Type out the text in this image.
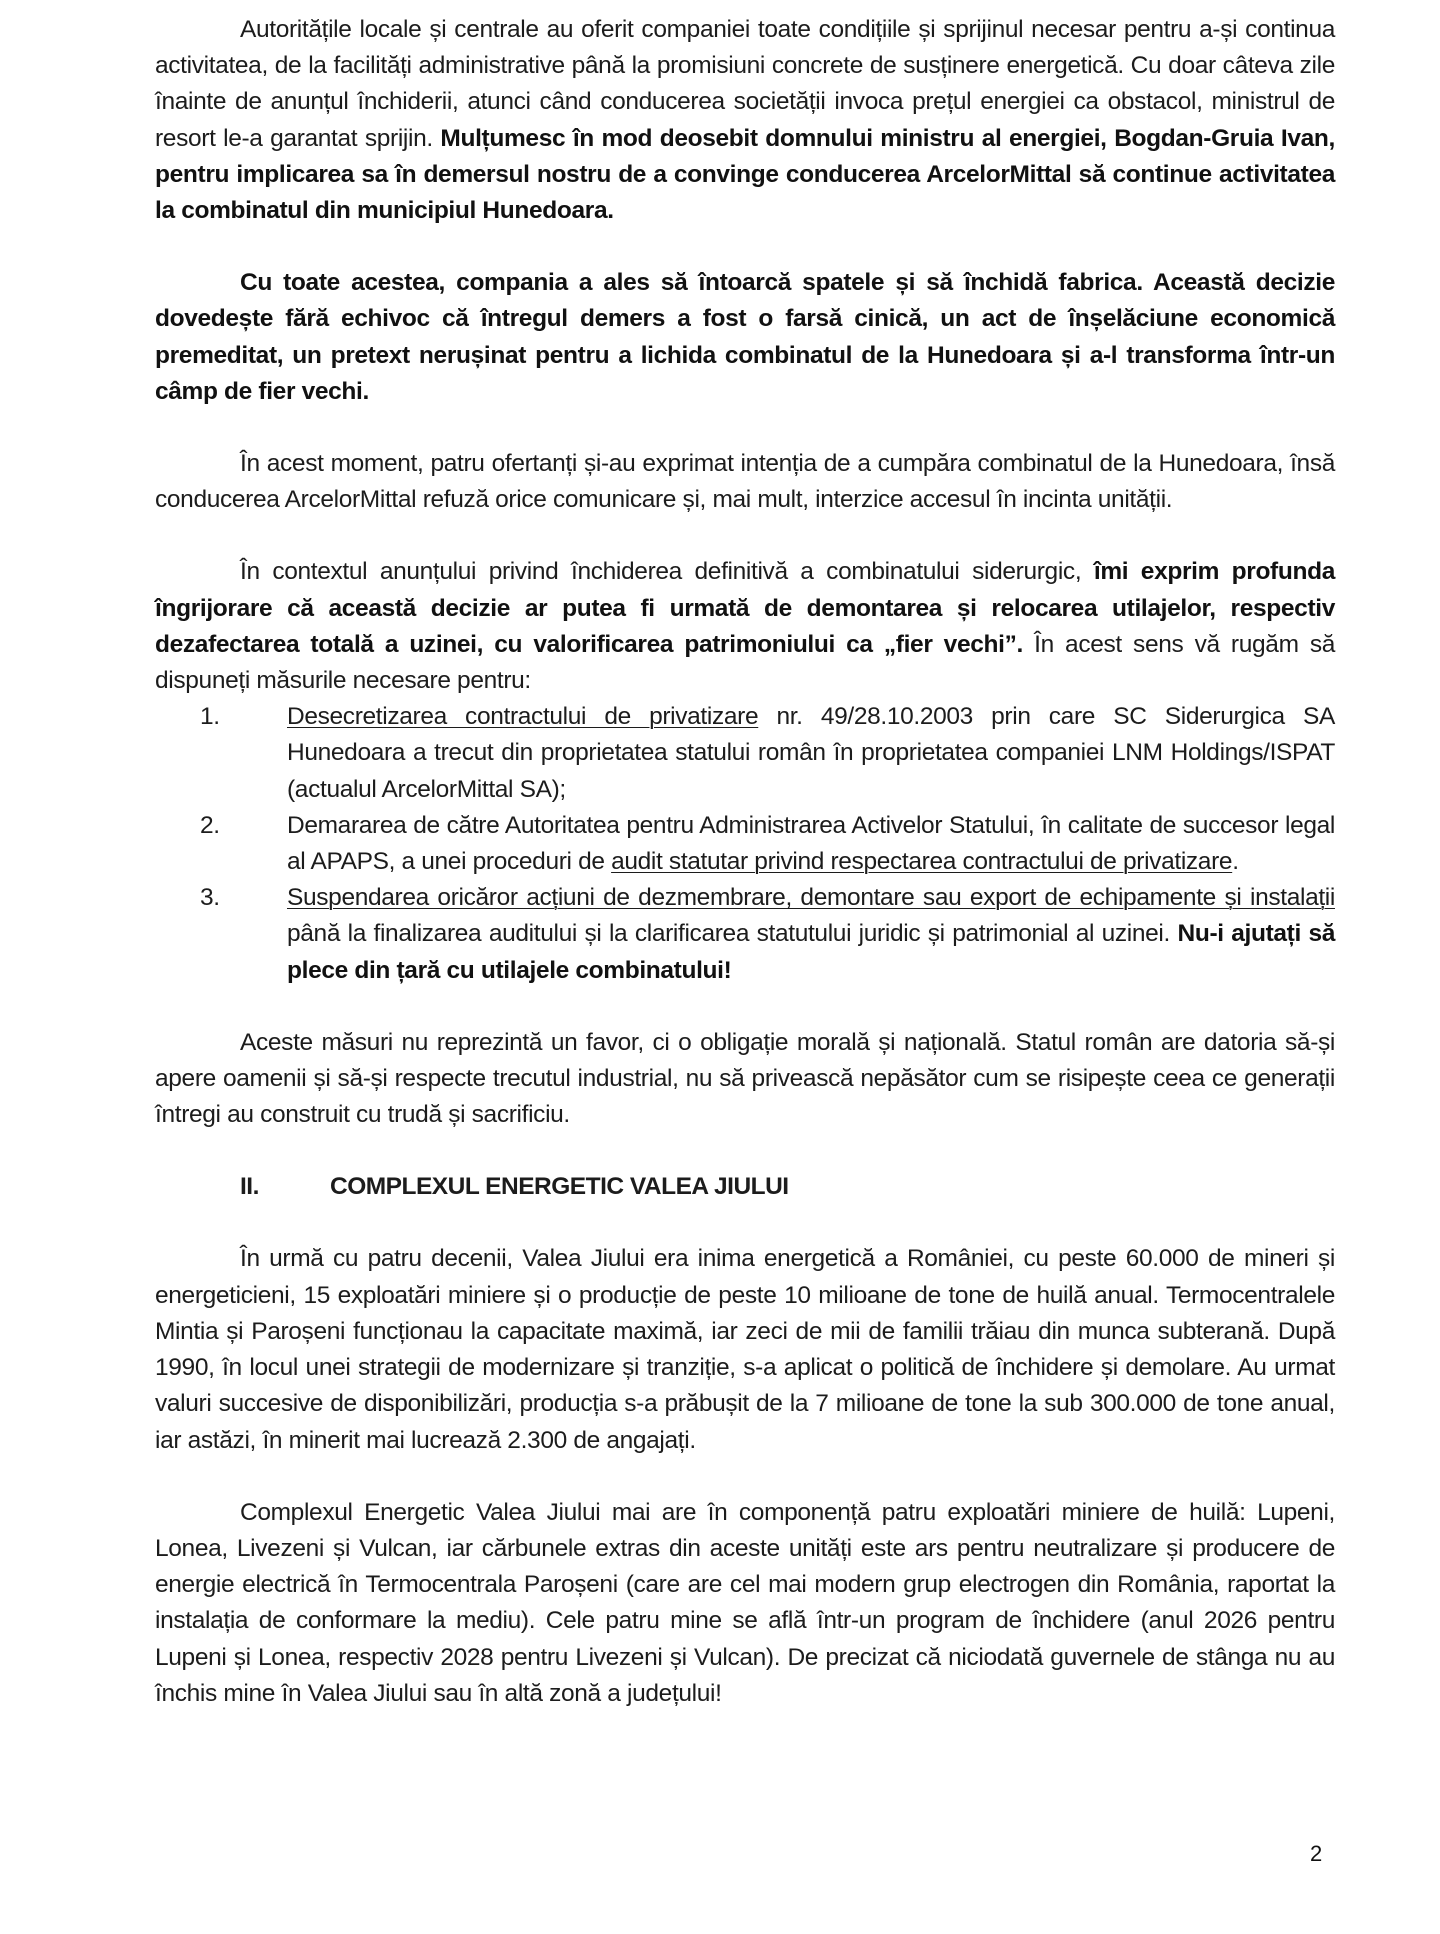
Autoritățile locale și centrale au oferit companiei toate condițiile și sprijinul necesar pentru a-și continua activitatea, de la facilități administrative până la promisiuni concrete de susținere energetică. Cu doar câteva zile înainte de anunțul închiderii, atunci când conducerea societății invoca prețul energiei ca obstacol, ministrul de resort le-a garantat sprijin. Mulțumesc în mod deosebit domnului ministru al energiei, Bogdan-Gruia Ivan, pentru implicarea sa în demersul nostru de a convinge conducerea ArcelorMittal să continue activitatea la combinatul din municipiul Hunedoara.

Cu toate acestea, compania a ales să întoarcă spatele și să închidă fabrica. Această decizie dovedește fără echivoc că întregul demers a fost o farsă cinică, un act de înșelăciune economică premeditat, un pretext nerușinat pentru a lichida combinatul de la Hunedoara și a-l transforma într-un câmp de fier vechi.

În acest moment, patru ofertanți și-au exprimat intenția de a cumpăra combinatul de la Hunedoara, însă conducerea ArcelorMittal refuză orice comunicare și, mai mult, interzice accesul în incinta unității.

În contextul anunțului privind închiderea definitivă a combinatului siderurgic, îmi exprim profunda îngrijorare că această decizie ar putea fi urmată de demontarea și relocarea utilajelor, respectiv dezafectarea totală a uzinei, cu valorificarea patrimoniului ca „fier vechi”. În acest sens vă rugăm să dispuneți măsurile necesare pentru:

1.	Desecretizarea contractului de privatizare nr. 49/28.10.2003 prin care SC Siderurgica SA Hunedoara a trecut din proprietatea statului român în proprietatea companiei LNM Holdings/ISPAT (actualul ArcelorMittal SA);
2.	Demararea de către Autoritatea pentru Administrarea Activelor Statului, în calitate de succesor legal al APAPS, a unei proceduri de audit statutar privind respectarea contractului de privatizare.
3.	Suspendarea oricăror acțiuni de dezmembrare, demontare sau export de echipamente și instalații până la finalizarea auditului și la clarificarea statutului juridic și patrimonial al uzinei. Nu-i ajutați să plece din țară cu utilajele combinatului!

Aceste măsuri nu reprezintă un favor, ci o obligație morală și națională. Statul român are datoria să-și apere oamenii și să-și respecte trecutul industrial, nu să privească nepăsător cum se risipește ceea ce generații întregi au construit cu trudă și sacrificiu.

II.	COMPLEXUL ENERGETIC VALEA JIULUI

În urmă cu patru decenii, Valea Jiului era inima energetică a României, cu peste 60.000 de mineri și energeticieni, 15 exploatări miniere și o producție de peste 10 milioane de tone de huilă anual. Termocentralele Mintia și Paroșeni funcționau la capacitate maximă, iar zeci de mii de familii trăiau din munca subterană. După 1990, în locul unei strategii de modernizare și tranziție, s-a aplicat o politică de închidere și demolare. Au urmat valuri succesive de disponibilizări, producția s-a prăbușit de la 7 milioane de tone la sub 300.000 de tone anual, iar astăzi, în minerit mai lucrează 2.300 de angajați.

Complexul Energetic Valea Jiului mai are în componență patru exploatări miniere de huilă: Lupeni, Lonea, Livezeni și Vulcan, iar cărbunele extras din aceste unități este ars pentru neutralizare și producere de energie electrică în Termocentrala Paroșeni (care are cel mai modern grup electrogen din România, raportat la instalația de conformare la mediu). Cele patru mine se află într-un program de închidere (anul 2026 pentru Lupeni și Lonea, respectiv 2028 pentru Livezeni și Vulcan). De precizat că niciodată guvernele de stânga nu au închis mine în Valea Jiului sau în altă zonă a județului!

2
